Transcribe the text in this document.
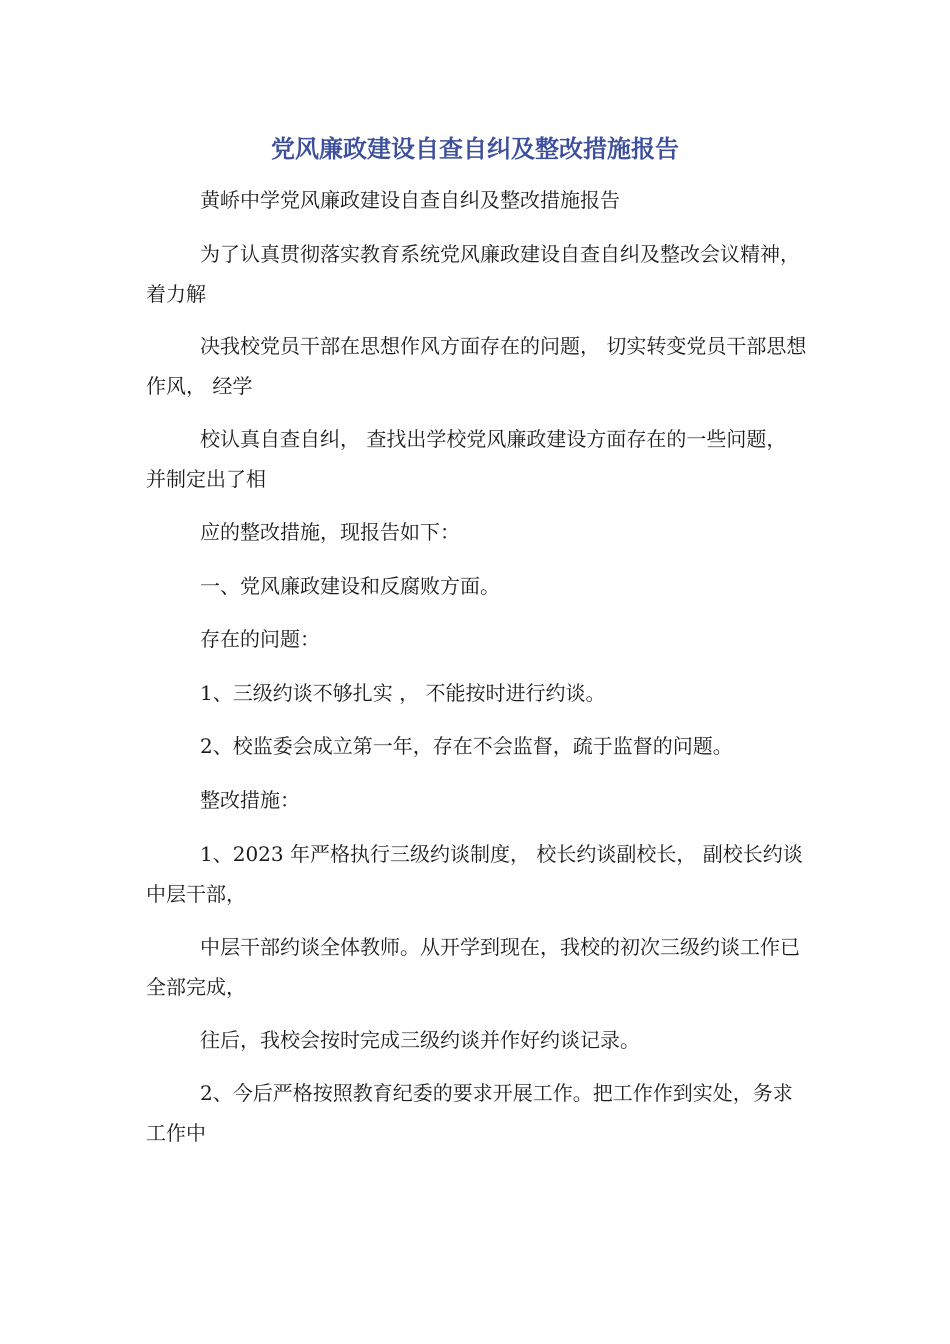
党风廉政建设自查自纠及整改措施报告

黄峤中学党风廉政建设自查自纠及整改措施报告

为了认真贯彻落实教育系统党风廉政建设自查自纠及整改会议精神， 着力解

决我校党员干部在思想作风方面存在的问题， 切实转变党员干部思想作风， 经学

校认真自查自纠， 查找出学校党风廉政建设方面存在的一些问题， 并制定出了相

应的整改措施，现报告如下：

一、党风廉政建设和反腐败方面。

存在的问题：

1、三级约谈不够扎实 ， 不能按时进行约谈。

2、校监委会成立第一年，存在不会监督，疏于监督的问题。

整改措施：

1、2023 年严格执行三级约谈制度， 校长约谈副校长， 副校长约谈中层干部，

中层干部约谈全体教师。从开学到现在，我校的初次三级约谈工作已全部完成，

往后，我校会按时完成三级约谈并作好约谈记录。

2、今后严格按照教育纪委的要求开展工作。把工作作到实处，务求工作中
